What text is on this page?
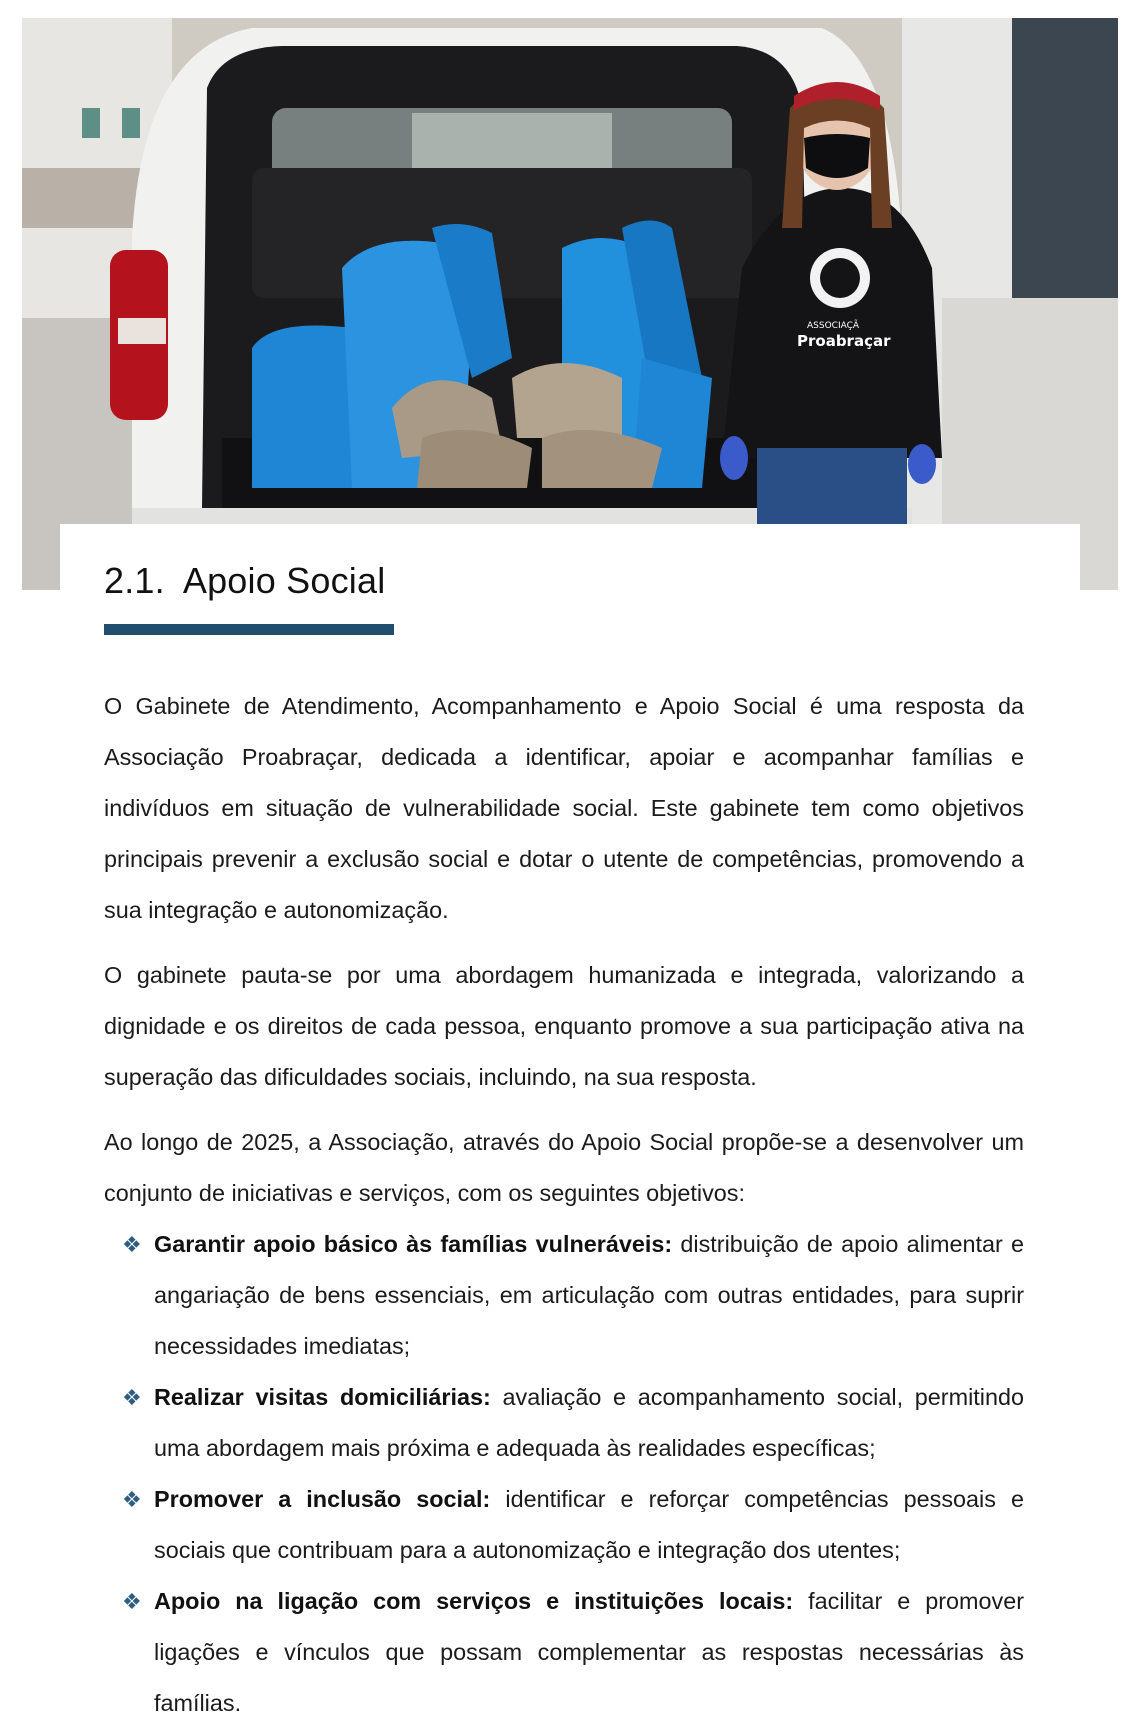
ASSOCIAÇÃ
Proabraçar
2.1. Apoio Social

O Gabinete de Atendimento, Acompanhamento e Apoio Social é uma resposta da Associação Proabraçar, dedicada a identificar, apoiar e acompanhar famílias e indivíduos em situação de vulnerabilidade social. Este gabinete tem como objetivos principais prevenir a exclusão social e dotar o utente de competências, promovendo a sua integração e autonomização.

O gabinete pauta-se por uma abordagem humanizada e integrada, valorizando a dignidade e os direitos de cada pessoa, enquanto promove a sua participação ativa na superação das dificuldades sociais, incluindo, na sua resposta.

Ao longo de 2025, a Associação, através do Apoio Social propõe-se a desenvolver um conjunto de iniciativas e serviços, com os seguintes objetivos:

❖ Garantir apoio básico às famílias vulneráveis: distribuição de apoio alimentar e angariação de bens essenciais, em articulação com outras entidades, para suprir necessidades imediatas;
❖ Realizar visitas domiciliárias: avaliação e acompanhamento social, permitindo uma abordagem mais próxima e adequada às realidades específicas;
❖ Promover a inclusão social: identificar e reforçar competências pessoais e sociais que contribuam para a autonomização e integração dos utentes;
❖ Apoio na ligação com serviços e instituições locais: facilitar e promover ligações e vínculos que possam complementar as respostas necessárias às famílias.
